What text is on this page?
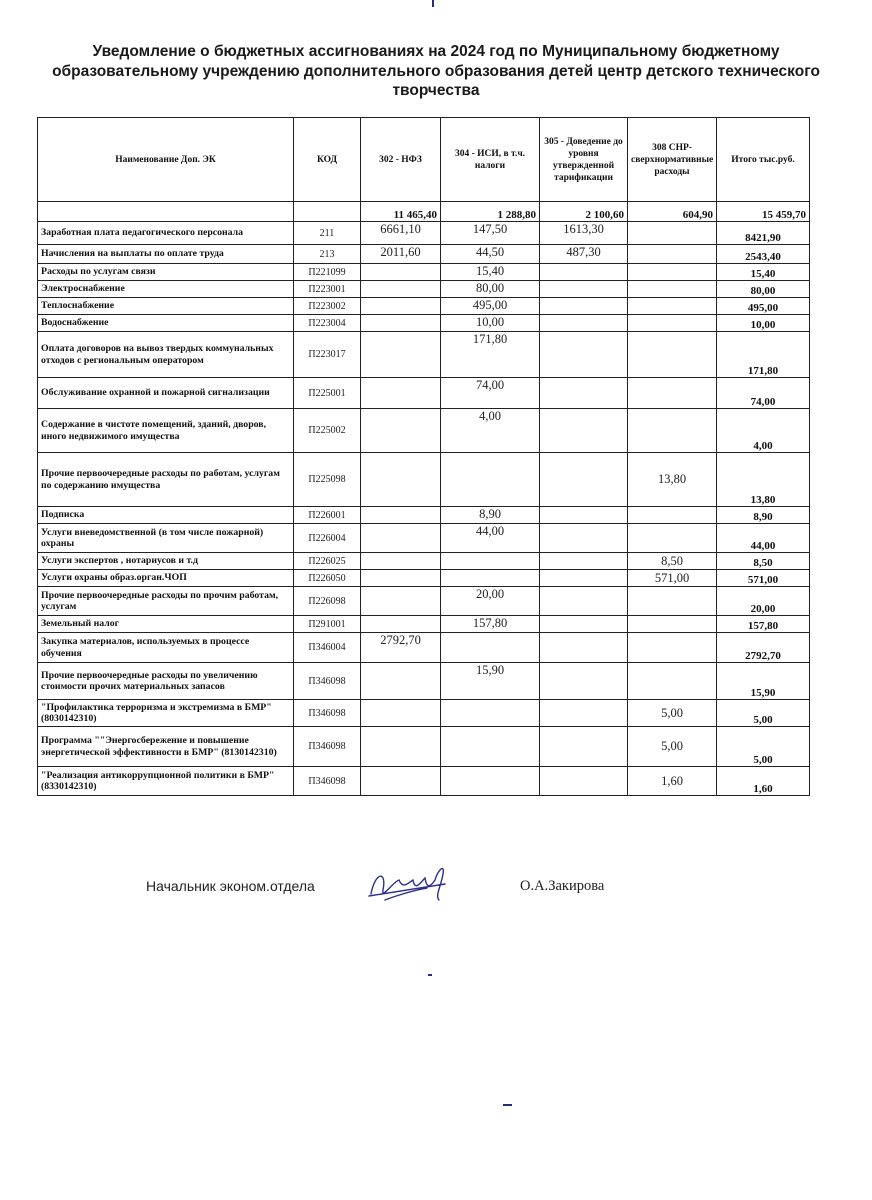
Уведомление о бюджетных ассигнованиях на 2024 год по Муниципальному бюджетному образовательному учреждению дополнительного образования детей центр детского технического творчества
Наименование Доп. ЭК	КОД	302 - НФЗ	304 - ИСИ, в т.ч. налоги	305 - Доведение до уровня утвержденной тарификации	308 СНР-сверхнормативные расходы	Итого тыс.руб.
		11 465,40	1 288,80	2 100,60	604,90	15 459,70
Заработная плата педагогического персонала	211	6661,10	147,50	1613,30		8421,90
Начисления на выплаты по оплате труда	213	2011,60	44,50	487,30		2543,40
Расходы по услугам связи	П221099		15,40			15,40
Электроснабжение	П223001		80,00			80,00
Теплоснабжение	П223002		495,00			495,00
Водоснабжение	П223004		10,00			10,00
Оплата договоров на вывоз твердых коммунальных отходов с региональным оператором	П223017		171,80			171,80
Обслуживание охранной и пожарной сигнализации	П225001		74,00			74,00
Содержание в чистоте помещений, зданий, дворов, иного недвижимого имущества	П225002		4,00			4,00
Прочие первоочередные расходы по работам, услугам по содержанию имущества	П225098				13,80	13,80
Подписка	П226001		8,90			8,90
Услуги вневедомственной (в том числе пожарной) охраны	П226004		44,00			44,00
Услуги экспертов , нотариусов и т.д	П226025				8,50	8,50
Услуги охраны образ.орган.ЧОП	П226050				571,00	571,00
Прочие первоочередные расходы по прочим работам, услугам	П226098		20,00			20,00
Земельный налог	П291001		157,80			157,80
Закупка материалов, используемых в процессе обучения	П346004	2792,70				2792,70
Прочие первоочередные расходы по увеличению стоимости прочих материальных запасов	П346098		15,90			15,90
"Профилактика терроризма и экстремизма в БМР" (8030142310)	П346098				5,00	5,00
Программа ""Энергосбережение и повышение энергетической эффективности в БМР" (8130142310)	П346098				5,00	5,00
"Реализация антикоррупционной политики в БМР" (8330142310)	П346098				1,60	1,60
Начальник эконом.отдела	О.А.Закирова
